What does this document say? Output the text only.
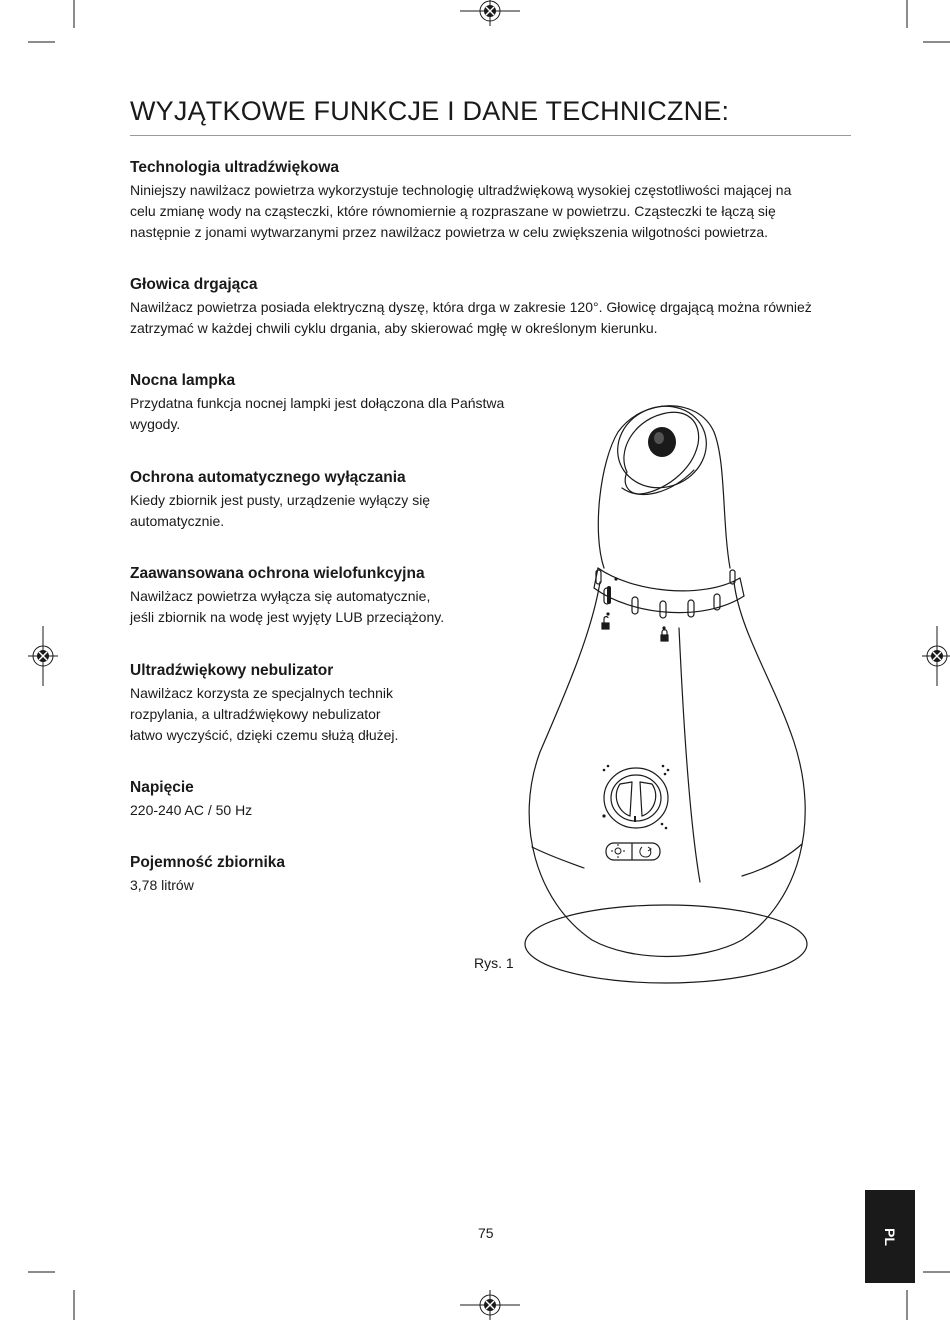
WYJĄTKOWE FUNKCJE I DANE TECHNICZNE:
Technologia ultradźwiękowa

Niniejszy nawilżacz powietrza wykorzystuje technologię ultradźwiękową wysokiej częstotliwości mającej na

celu zmianę wody na cząsteczki, które równomiernie ą rozpraszane w powietrzu. Cząsteczki te łączą się

następnie z jonami wytwarzanymi przez nawilżacz powietrza w celu zwiększenia wilgotności powietrza.

Głowica drgająca

Nawilżacz powietrza posiada elektryczną dyszę, która drga w zakresie 120°. Głowicę drgającą można również

zatrzymać w każdej chwili cyklu drgania, aby skierować mgłę w określonym kierunku.

Nocna lampka

Przydatna funkcja nocnej lampki jest dołączona dla Państwa

wygody.

Ochrona automatycznego wyłączania

Kiedy zbiornik jest pusty, urządzenie wyłączy się

automatycznie.

Zaawansowana ochrona wielofunkcyjna

Nawilżacz powietrza wyłącza się automatycznie,

jeśli zbiornik na wodę jest wyjęty LUB przeciążony.

Ultradźwiękowy nebulizator

Nawilżacz korzysta ze specjalnych technik

rozpylania, a ultradźwiękowy nebulizator

łatwo wyczyścić, dzięki czemu służą dłużej.

Napięcie

220-240 AC / 50 Hz

Pojemność zbiornika

3,78 litrów

Rys. 1
75	PL
